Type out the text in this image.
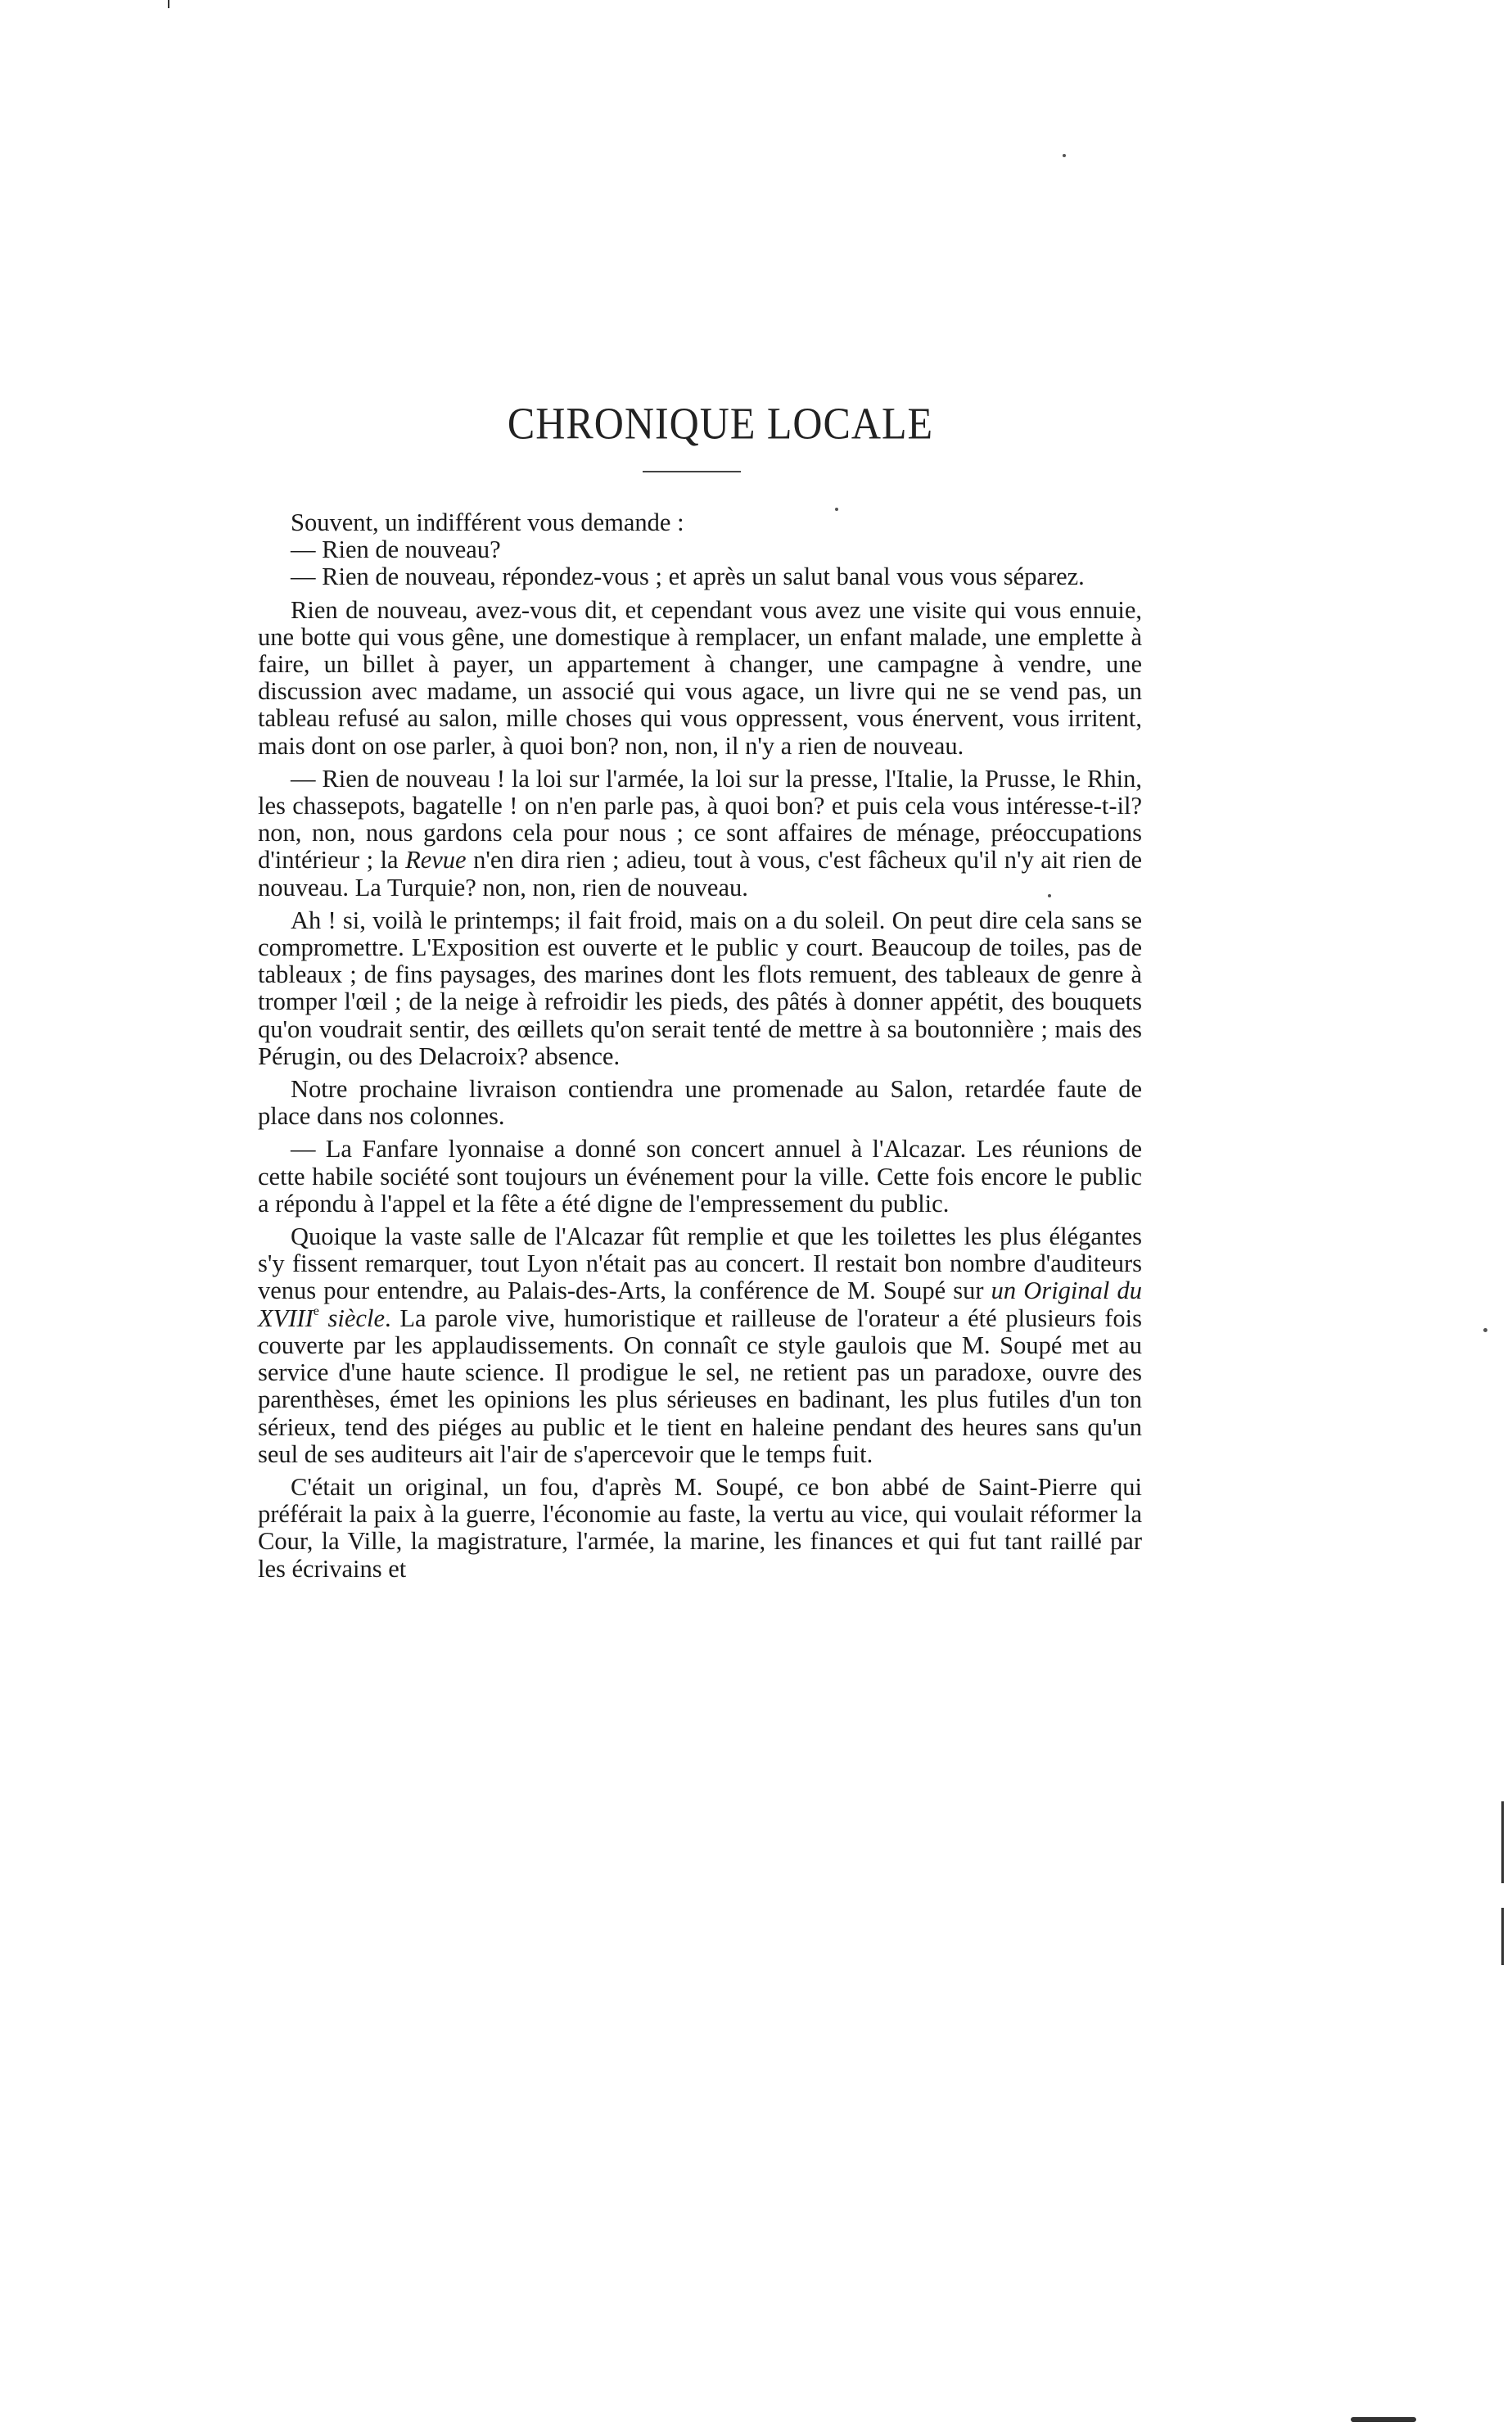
CHRONIQUE LOCALE

Souvent, un indifférent vous demande :

— Rien de nouveau?

— Rien de nouveau, répondez-vous ; et après un salut banal vous vous séparez.

Rien de nouveau, avez-vous dit, et cependant vous avez une visite qui vous ennuie, une botte qui vous gêne, une domestique à remplacer, un enfant malade, une emplette à faire, un billet à payer, un appartement à changer, une campagne à vendre, une discussion avec madame, un associé qui vous agace, un livre qui ne se vend pas, un tableau refusé au salon, mille choses qui vous oppressent, vous énervent, vous irritent, mais dont on ose parler, à quoi bon? non, non, il n'y a rien de nouveau.

— Rien de nouveau ! la loi sur l'armée, la loi sur la presse, l'Italie, la Prusse, le Rhin, les chassepots, bagatelle ! on n'en parle pas, à quoi bon? et puis cela vous intéresse-t-il? non, non, nous gardons cela pour nous ; ce sont affaires de ménage, préoccupations d'intérieur ; la Revue n'en dira rien ; adieu, tout à vous, c'est fâcheux qu'il n'y ait rien de nouveau. La Turquie? non, non, rien de nouveau.

Ah ! si, voilà le printemps; il fait froid, mais on a du soleil. On peut dire cela sans se compromettre. L'Exposition est ouverte et le public y court. Beaucoup de toiles, pas de tableaux ; de fins paysages, des marines dont les flots remuent, des tableaux de genre à tromper l'œil ; de la neige à refroidir les pieds, des pâtés à donner appétit, des bouquets qu'on voudrait sentir, des œillets qu'on serait tenté de mettre à sa boutonnière ; mais des Pérugin, ou des Delacroix? absence.

Notre prochaine livraison contiendra une promenade au Salon, retardée faute de place dans nos colonnes.

— La Fanfare lyonnaise a donné son concert annuel à l'Alcazar. Les réunions de cette habile société sont toujours un événement pour la ville. Cette fois encore le public a répondu à l'appel et la fête a été digne de l'empressement du public.

Quoique la vaste salle de l'Alcazar fût remplie et que les toilettes les plus élégantes s'y fissent remarquer, tout Lyon n'était pas au concert. Il restait bon nombre d'auditeurs venus pour entendre, au Palais-des-Arts, la conférence de M. Soupé sur un Original du XVIIIe siècle. La parole vive, humoristique et railleuse de l'orateur a été plusieurs fois couverte par les applaudissements. On connaît ce style gaulois que M. Soupé met au service d'une haute science. Il prodigue le sel, ne retient pas un paradoxe, ouvre des parenthèses, émet les opinions les plus sérieuses en badinant, les plus futiles d'un ton sérieux, tend des piéges au public et le tient en haleine pendant des heures sans qu'un seul de ses auditeurs ait l'air de s'apercevoir que le temps fuit.

C'était un original, un fou, d'après M. Soupé, ce bon abbé de Saint-Pierre qui préférait la paix à la guerre, l'économie au faste, la vertu au vice, qui voulait réformer la Cour, la Ville, la magistrature, l'armée, la marine, les finances et qui fut tant raillé par les écrivains et
